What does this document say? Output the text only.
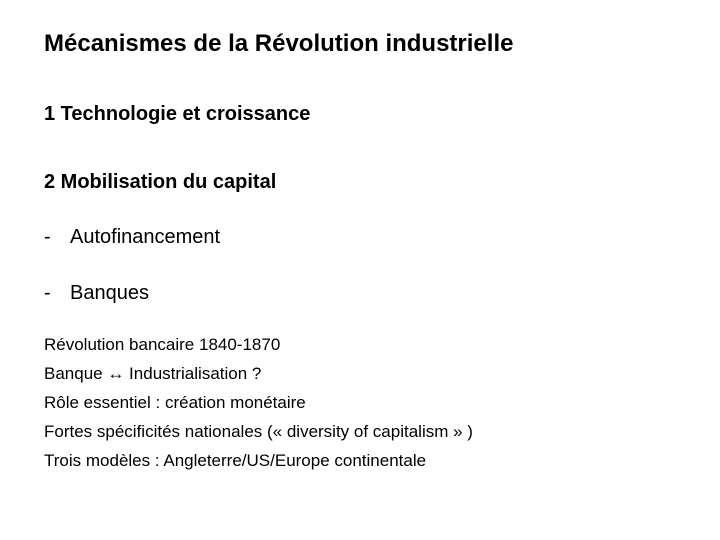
Mécanismes de la Révolution industrielle
1 Technologie et croissance
2 Mobilisation du capital
- Autofinancement
- Banques
Révolution bancaire 1840-1870
Banque ↔ Industrialisation ?
Rôle essentiel : création monétaire
Fortes spécificités nationales (« diversity of capitalism » )
Trois modèles : Angleterre/US/Europe continentale
